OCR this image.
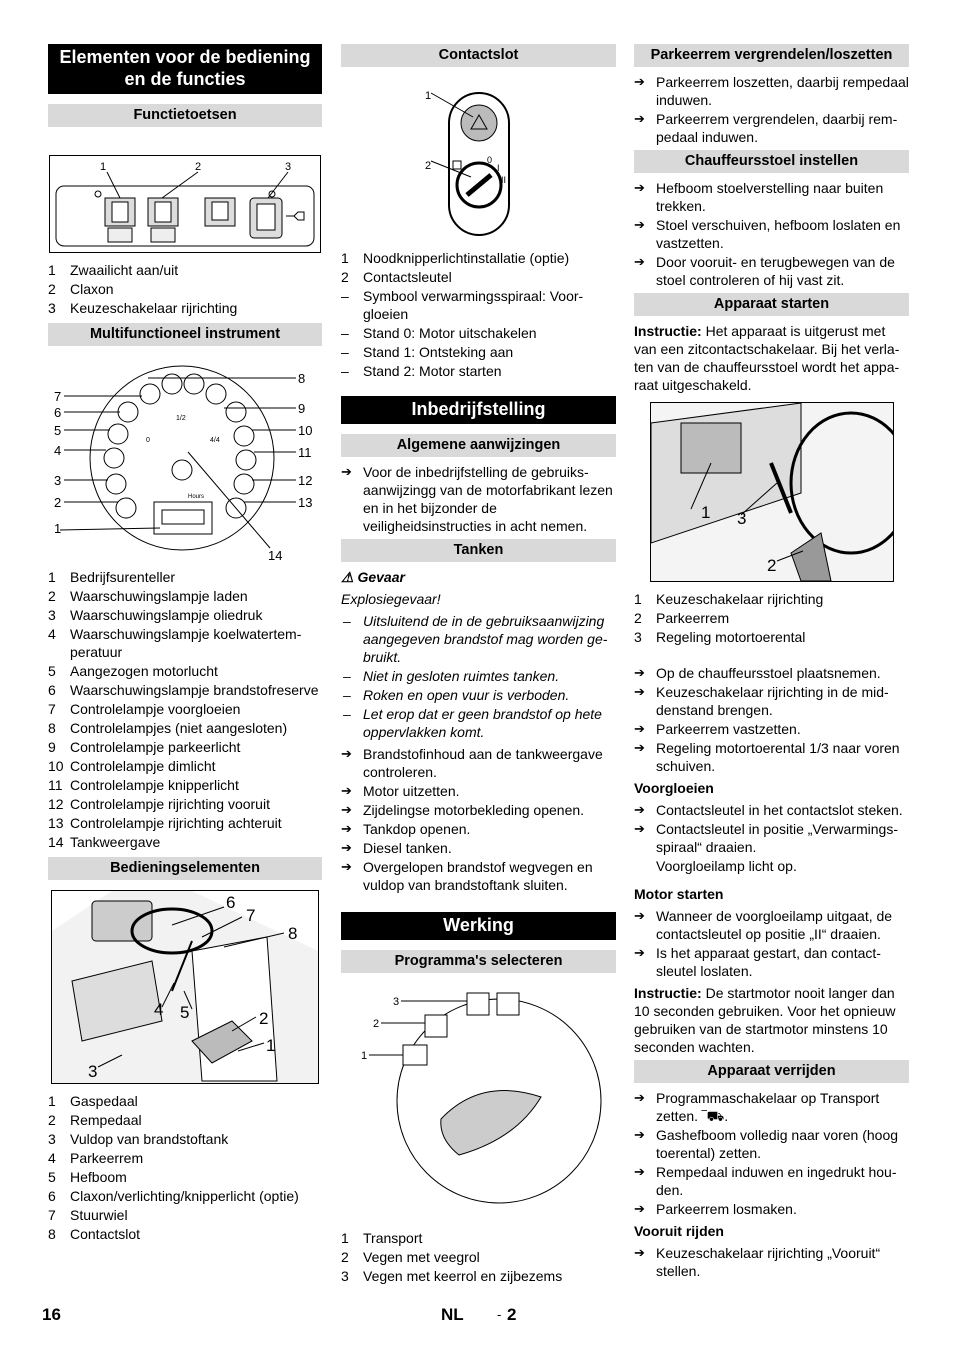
Elementen voor de bediening en de functies
Functietoetsen
1	2	3
1	Zwaailicht aan/uit
2	Claxon
3	Keuzeschakelaar rijrichting
Multifunctioneel instrument
1/2
4/4
0
Hours
1
2
3
4
5
6
7
8
9
10
11
12
13
14
1	Bedrijfsurenteller
2	Waarschuwingslampje laden
3	Waarschuwingslampje oliedruk
4	Waarschuwingslampje koelwatertemperatuur
5	Aangezogen motorlucht
6	Waarschuwingslampje brandstofreserve
7	Controlelampje voorgloeien
8	Controlelampjes (niet aangesloten)
9	Controlelampje parkeerlicht
10 Controlelampje dimlicht
11 Controlelampje knipperlicht
12 Controlelampje rijrichting vooruit
13 Controlelampje rijrichting achteruit
14 Tankweergave
Bedieningselementen
6
7
8
4 5	2
1
3
1	Gaspedaal
2	Rempedaal
3	Vuldop van brandstoftank
4	Parkeerrem
5	Hefboom
6	Claxon/verlichting/knipperlicht (optie)
7	Stuurwiel
8	Contactslot
Contactslot
0
I
II
1
2
1	Noodknipperlichtinstallatie (optie)
2	Contactsleutel
–	Symbool verwarmingsspiraal: Voorgloeien
–	Stand 0: Motor uitschakelen
–	Stand 1: Ontsteking aan
–	Stand 2: Motor starten
Inbedrijfstelling
Algemene aanwijzingen
➔ Voor de inbedrijfstelling de gebruiksaanwijzingg van de motorfabrikant lezen en in het bijzonder de veiligheidsinstructies in acht nemen.
Tanken

⚠ Gevaar

Explosiegevaar!

– Uitsluitend de in de gebruiksaanwijzing aangegeven brandstof mag worden gebruikt.
– Niet in gesloten ruimtes tanken.
– Roken en open vuur is verboden.
– Let erop dat er geen brandstof op hete oppervlakken komt.
➔ Brandstofinhoud aan de tankweergave controleren.
➔ Motor uitzetten.
➔ Zijdelingse motorbekleding openen.
➔ Tankdop openen.
➔ Diesel tanken.
➔ Overgelopen brandstof wegvegen en vuldop van brandstoftank sluiten.
Werking
Programma's selecteren
3
2
1
1	Transport
2	Vegen met veegrol
3	Vegen met keerrol en zijbezems
Parkeerrem vergrendelen/loszetten
➔ Parkeerrem loszetten, daarbij rempedaal induwen.
➔ Parkeerrem vergrendelen, daarbij rempedaal induwen.
Chauffeursstoel instellen
➔ Hefboom stoelverstelling naar buiten trekken.
➔ Stoel verschuiven, hefboom loslaten en vastzetten.
➔ Door vooruit- en terugbewegen van de stoel controleren of hij vast zit.
Apparaat starten

Instructie: Het apparaat is uitgerust met van een zitcontactschakelaar. Bij het verlaten van de chauffeursstoel wordt het apparaat uitgeschakeld.

1 3
2
1	Keuzeschakelaar rijrichting
2	Parkeerrem
3	Regeling motortoerental
➔ Op de chauffeursstoel plaatsnemen.
➔ Keuzeschakelaar rijrichting in de middenstand brengen.
➔ Parkeerrem vastzetten.
➔ Regeling motortoerental 1/3 naar voren schuiven.

Voorgloeien

➔ Contactsleutel in het contactslot steken.
➔ Contactsleutel in positie „Verwarmingsspiraal“ draaien.

Voorgloeilamp licht op.

Motor starten

➔ Wanneer de voorgloeilamp uitgaat, de contactsleutel op positie „II“ draaien.
➔ Is het apparaat gestart, dan contactsleutel loslaten.

Instructie: De startmotor nooit langer dan 10 seconden gebruiken. Voor het opnieuw gebruiken van de startmotor minstens 10 seconden wachten.

Apparaat verrijden
➔ Programmaschakelaar op Transport zetten. ‾⛟.
➔ Gashefboom volledig naar voren (hoog toerental) zetten.
➔ Rempedaal induwen en ingedrukt houden.
➔ Parkeerrem losmaken.

Vooruit rijden

➔ Keuzeschakelaar rijrichting „Vooruit“ stellen.
16	NL	- 2
